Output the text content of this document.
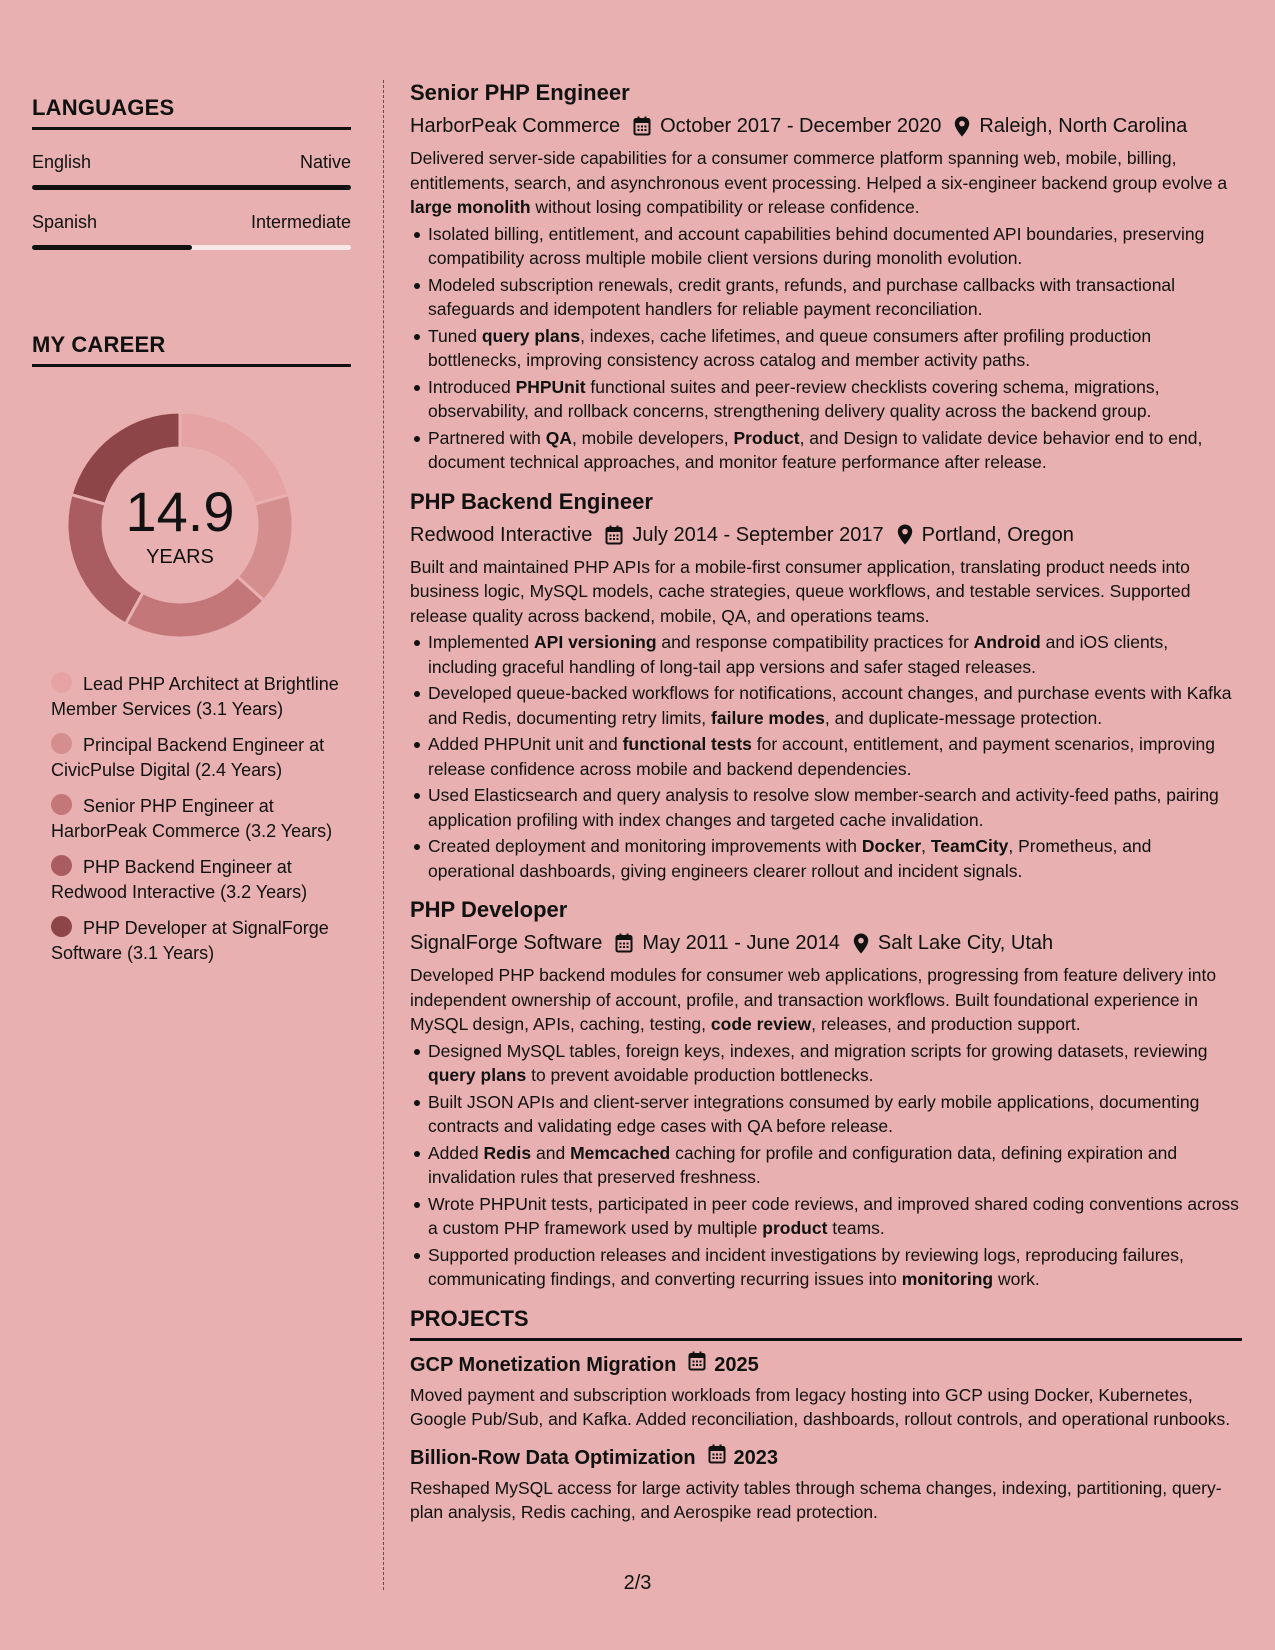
LANGUAGES
English	Native
Spanish	Intermediate
MY CAREER
14.9
YEARS
Lead PHP Architect at Brightline Member Services (3.1 Years)
Principal Backend Engineer at CivicPulse Digital (2.4 Years)
Senior PHP Engineer at HarborPeak Commerce (3.2 Years)
PHP Backend Engineer at Redwood Interactive (3.2 Years)
PHP Developer at SignalForge Software (3.1 Years)
Senior PHP Engineer
HarborPeak Commerce October 2017 - December 2020 Raleigh, North Carolina
Delivered server-side capabilities for a consumer commerce platform spanning web, mobile, billing, entitlements, search, and asynchronous event processing. Helped a six-engineer backend group evolve a large monolith without losing compatibility or release confidence.
Isolated billing, entitlement, and account capabilities behind documented API boundaries, preserving compatibility across multiple mobile client versions during monolith evolution.
Modeled subscription renewals, credit grants, refunds, and purchase callbacks with transactional safeguards and idempotent handlers for reliable payment reconciliation.
Tuned query plans, indexes, cache lifetimes, and queue consumers after profiling production bottlenecks, improving consistency across catalog and member activity paths.
Introduced PHPUnit functional suites and peer-review checklists covering schema, migrations, observability, and rollback concerns, strengthening delivery quality across the backend group.
Partnered with QA, mobile developers, Product, and Design to validate device behavior end to end, document technical approaches, and monitor feature performance after release.
PHP Backend Engineer
Redwood Interactive July 2014 - September 2017 Portland, Oregon
Built and maintained PHP APIs for a mobile-first consumer application, translating product needs into business logic, MySQL models, cache strategies, queue workflows, and testable services. Supported release quality across backend, mobile, QA, and operations teams.
Implemented API versioning and response compatibility practices for Android and iOS clients, including graceful handling of long-tail app versions and safer staged releases.
Developed queue-backed workflows for notifications, account changes, and purchase events with Kafka and Redis, documenting retry limits, failure modes, and duplicate-message protection.
Added PHPUnit unit and functional tests for account, entitlement, and payment scenarios, improving release confidence across mobile and backend dependencies.
Used Elasticsearch and query analysis to resolve slow member-search and activity-feed paths, pairing application profiling with index changes and targeted cache invalidation.
Created deployment and monitoring improvements with Docker, TeamCity, Prometheus, and operational dashboards, giving engineers clearer rollout and incident signals.
PHP Developer
SignalForge Software May 2011 - June 2014 Salt Lake City, Utah
Developed PHP backend modules for consumer web applications, progressing from feature delivery into independent ownership of account, profile, and transaction workflows. Built foundational experience in MySQL design, APIs, caching, testing, code review, releases, and production support.
Designed MySQL tables, foreign keys, indexes, and migration scripts for growing datasets, reviewing query plans to prevent avoidable production bottlenecks.
Built JSON APIs and client-server integrations consumed by early mobile applications, documenting contracts and validating edge cases with QA before release.
Added Redis and Memcached caching for profile and configuration data, defining expiration and invalidation rules that preserved freshness.
Wrote PHPUnit tests, participated in peer code reviews, and improved shared coding conventions across a custom PHP framework used by multiple product teams.
Supported production releases and incident investigations by reviewing logs, reproducing failures, communicating findings, and converting recurring issues into monitoring work.
PROJECTS
GCP Monetization Migration 2025
Moved payment and subscription workloads from legacy hosting into GCP using Docker, Kubernetes, Google Pub/Sub, and Kafka. Added reconciliation, dashboards, rollout controls, and operational runbooks.
Billion-Row Data Optimization 2023
Reshaped MySQL access for large activity tables through schema changes, indexing, partitioning, query-plan analysis, Redis caching, and Aerospike read protection.
2/3
